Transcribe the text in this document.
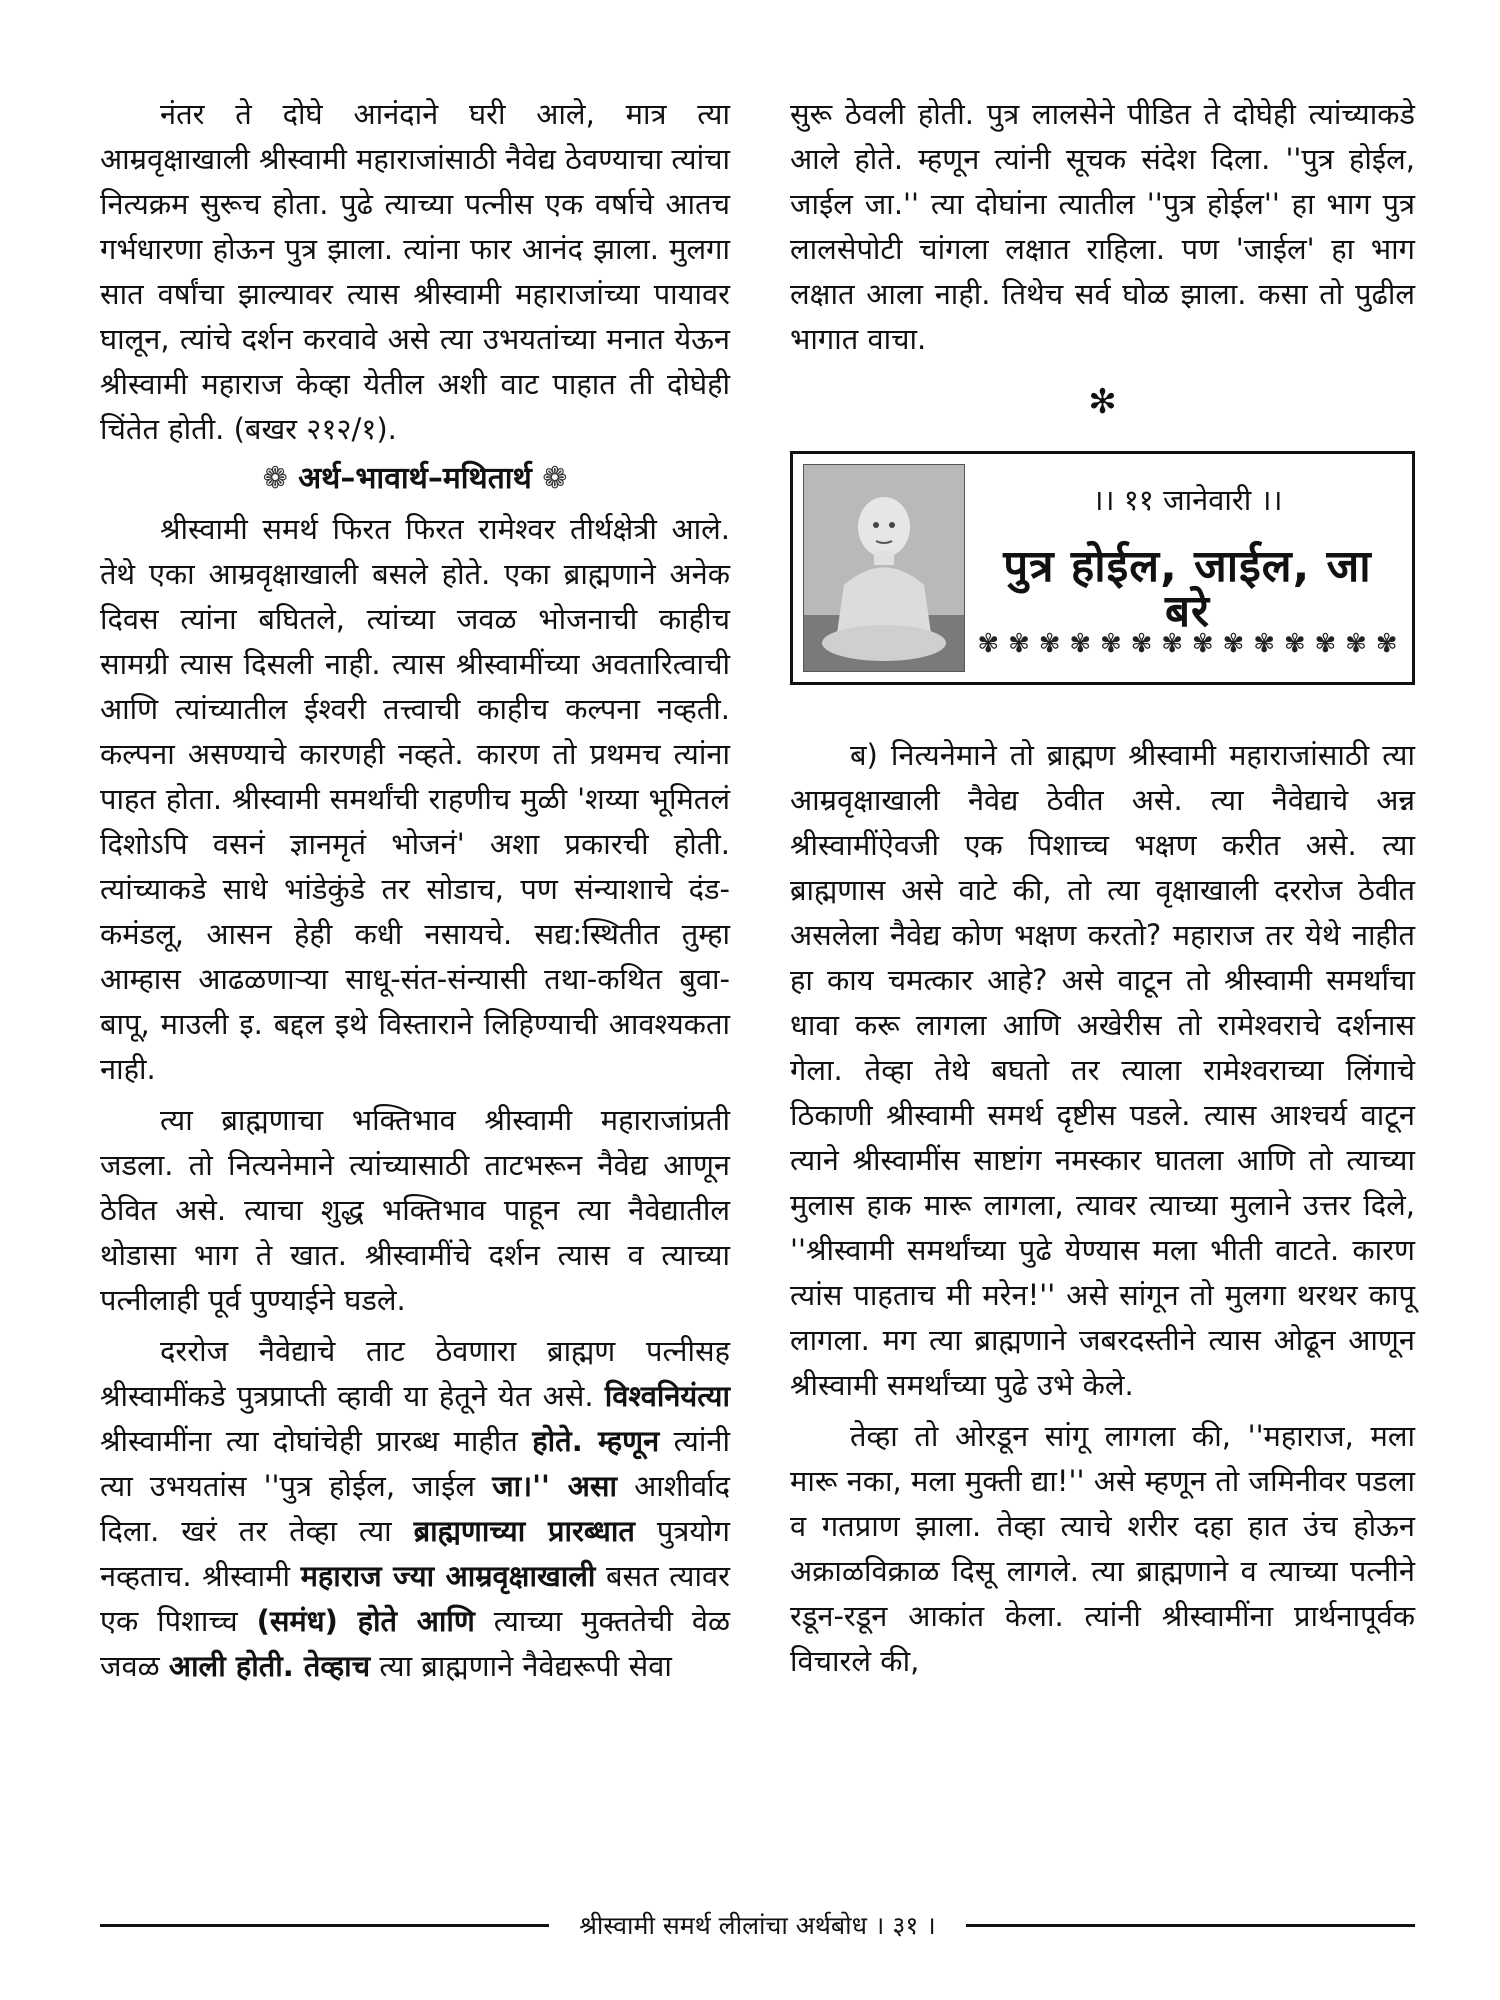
नंतर ते दोघे आनंदाने घरी आले, मात्र त्या आम्रवृक्षाखाली श्रीस्वामी महाराजांसाठी नैवेद्य ठेवण्याचा त्यांचा नित्यक्रम सुरूच होता. पुढे त्याच्या पत्नीस एक वर्षाचे आतच गर्भधारणा होऊन पुत्र झाला. त्यांना फार आनंद झाला. मुलगा सात वर्षांचा झाल्यावर त्यास श्रीस्वामी महाराजांच्या पायावर घालून, त्यांचे दर्शन करवावे असे त्या उभयतांच्या मनात येऊन श्रीस्वामी महाराज केव्हा येतील अशी वाट पाहात ती दोघेही चिंतेत होती. (बखर २१२/१).

❁ अर्थ–भावार्थ–मथितार्थ ❁

श्रीस्वामी समर्थ फिरत फिरत रामेश्वर तीर्थक्षेत्री आले. तेथे एका आम्रवृक्षाखाली बसले होते. एका ब्राह्मणाने अनेक दिवस त्यांना बघितले, त्यांच्या जवळ भोजनाची काहीच सामग्री त्यास दिसली नाही. त्यास श्रीस्वामींच्या अवतारित्वाची आणि त्यांच्यातील ईश्वरी तत्त्वाची काहीच कल्पना नव्हती. कल्पना असण्याचे कारणही नव्हते. कारण तो प्रथमच त्यांना पाहत होता. श्रीस्वामी समर्थांची राहणीच मुळी 'शय्या भूमितलं दिशोऽपि वसनं ज्ञानमृतं भोजनं' अशा प्रकारची होती. त्यांच्याकडे साधे भांडेकुंडे तर सोडाच, पण संन्याशाचे दंड-कमंडलू, आसन हेही कधी नसायचे. सद्य:स्थितीत तुम्हा आम्हास आढळणाऱ्या साधू-संत-संन्यासी तथा-कथित बुवा-बापू, माउली इ. बद्दल इथे विस्ताराने लिहिण्याची आवश्यकता नाही.

त्या ब्राह्मणाचा भक्तिभाव श्रीस्वामी महाराजांप्रती जडला. तो नित्यनेमाने त्यांच्यासाठी ताटभरून नैवेद्य आणून ठेवित असे. त्याचा शुद्ध भक्तिभाव पाहून त्या नैवेद्यातील थोडासा भाग ते खात. श्रीस्वामींचे दर्शन त्यास व त्याच्या पत्नीलाही पूर्व पुण्याईने घडले.

दररोज नैवेद्याचे ताट ठेवणारा ब्राह्मण पत्नीसह श्रीस्वामींकडे पुत्रप्राप्ती व्हावी या हेतूने येत असे. विश्वनियंत्या श्रीस्वामींना त्या दोघांचेही प्रारब्ध माहीत होते. म्हणून त्यांनी त्या उभयतांस ''पुत्र होईल, जाईल जा।'' असा आशीर्वाद दिला. खरं तर तेव्हा त्या ब्राह्मणाच्या प्रारब्धात पुत्रयोग नव्हताच. श्रीस्वामी महाराज ज्या आम्रवृक्षाखाली बसत त्यावर एक पिशाच्च (समंध) होते आणि त्याच्या मुक्ततेची वेळ जवळ आली होती. तेव्हाच त्या ब्राह्मणाने नैवेद्यरूपी सेवा

सुरू ठेवली होती. पुत्र लालसेने पीडित ते दोघेही त्यांच्याकडे आले होते. म्हणून त्यांनी सूचक संदेश दिला. ''पुत्र होईल, जाईल जा.'' त्या दोघांना त्यातील ''पुत्र होईल'' हा भाग पुत्र लालसेपोटी चांगला लक्षात राहिला. पण 'जाईल' हा भाग लक्षात आला नाही. तिथेच सर्व घोळ झाला. कसा तो पुढील भागात वाचा.

✻
।। ११ जानेवारी ।।
पुत्र होईल, जाईल, जा बरे
✾ ✾ ✾ ✾ ✾ ✾ ✾ ✾ ✾ ✾ ✾ ✾ ✾ ✾

ब) नित्यनेमाने तो ब्राह्मण श्रीस्वामी महाराजांसाठी त्या आम्रवृक्षाखाली नैवेद्य ठेवीत असे. त्या नैवेद्याचे अन्न श्रीस्वामींऐवजी एक पिशाच्च भक्षण करीत असे. त्या ब्राह्मणास असे वाटे की, तो त्या वृक्षाखाली दररोज ठेवीत असलेला नैवेद्य कोण भक्षण करतो? महाराज तर येथे नाहीत हा काय चमत्कार आहे? असे वाटून तो श्रीस्वामी समर्थांचा धावा करू लागला आणि अखेरीस तो रामेश्वराचे दर्शनास गेला. तेव्हा तेथे बघतो तर त्याला रामेश्वराच्या लिंगाचे ठिकाणी श्रीस्वामी समर्थ दृष्टीस पडले. त्यास आश्चर्य वाटून त्याने श्रीस्वामींस साष्टांग नमस्कार घातला आणि तो त्याच्या मुलास हाक मारू लागला, त्यावर त्याच्या मुलाने उत्तर दिले, ''श्रीस्वामी समर्थांच्या पुढे येण्यास मला भीती वाटते. कारण त्यांस पाहताच मी मरेन!'' असे सांगून तो मुलगा थरथर कापू लागला. मग त्या ब्राह्मणाने जबरदस्तीने त्यास ओढून आणून श्रीस्वामी समर्थांच्या पुढे उभे केले.

तेव्हा तो ओरडून सांगू लागला की, ''महाराज, मला मारू नका, मला मुक्ती द्या!'' असे म्हणून तो जमिनीवर पडला व गतप्राण झाला. तेव्हा त्याचे शरीर दहा हात उंच होऊन अक्राळविक्राळ दिसू लागले. त्या ब्राह्मणाने व त्याच्या पत्नीने रडून-रडून आकांत केला. त्यांनी श्रीस्वामींना प्रार्थनापूर्वक विचारले की,

श्रीस्वामी समर्थ लीलांचा अर्थबोध । ३१ ।
